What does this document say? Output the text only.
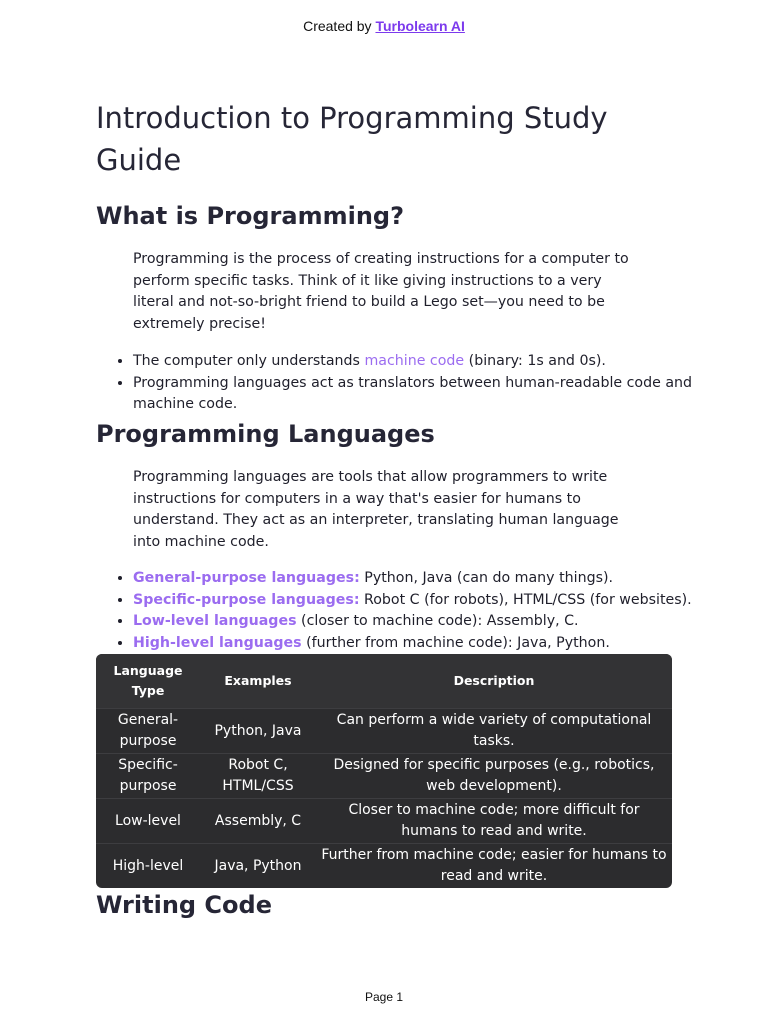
Created by Turbolearn AI
Introduction to Programming Study Guide
What is Programming?

Programming is the process of creating instructions for a computer to perform specific tasks. Think of it like giving instructions to a very literal and not-so-bright friend to build a Lego set—you need to be extremely precise!

• The computer only understands machine code (binary: 1s and 0s).
• Programming languages act as translators between human-readable code and machine code.
Programming Languages

Programming languages are tools that allow programmers to write instructions for computers in a way that's easier for humans to understand. They act as an interpreter, translating human language into machine code.

• General-purpose languages: Python, Java (can do many things).
• Specific-purpose languages: Robot C (for robots), HTML/CSS (for websites).
• Low-level languages (closer to machine code): Assembly, C.
• High-level languages (further from machine code): Java, Python.
Language Type	Examples	Description
General-purpose	Python, Java	Can perform a wide variety of computational tasks.
Specific-purpose	Robot C, HTML/CSS	Designed for specific purposes (e.g., robotics, web development).
Low-level	Assembly, C	Closer to machine code; more difficult for humans to read and write.
High-level	Java, Python	Further from machine code; easier for humans to read and write.
Writing Code
Page 1
